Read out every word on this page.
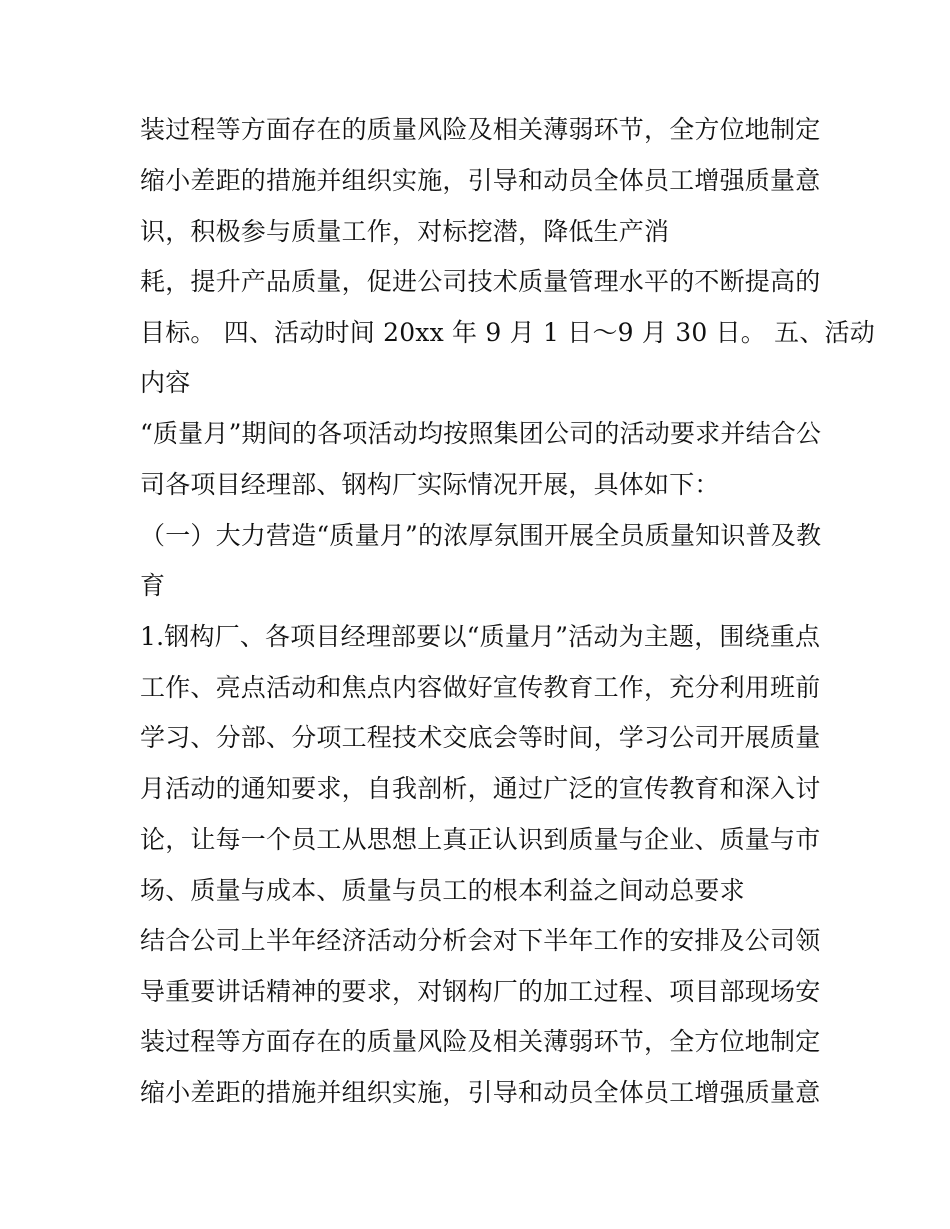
装过程等方面存在的质量风险及相关薄弱环节，全方位地制定

缩小差距的措施并组织实施，引导和动员全体员工增强质量意

识，积极参与质量工作，对标挖潜，降低生产消

耗，提升产品质量，促进公司技术质量管理水平的不断提高的

目标。 四、活动时间 20xx 年 9 月 1 日～9 月 30 日。 五、活动

内容

“质量月”期间的各项活动均按照集团公司的活动要求并结合公

司各项目经理部、钢构厂实际情况开展，具体如下：

（一）大力营造“质量月”的浓厚氛围开展全员质量知识普及教

育

1.钢构厂、各项目经理部要以“质量月”活动为主题，围绕重点

工作、亮点活动和焦点内容做好宣传教育工作，充分利用班前

学习、分部、分项工程技术交底会等时间，学习公司开展质量

月活动的通知要求，自我剖析，通过广泛的宣传教育和深入讨

论，让每一个员工从思想上真正认识到质量与企业、质量与市

场、质量与成本、质量与员工的根本利益之间动总要求

结合公司上半年经济活动分析会对下半年工作的安排及公司领

导重要讲话精神的要求，对钢构厂的加工过程、项目部现场安

装过程等方面存在的质量风险及相关薄弱环节，全方位地制定

缩小差距的措施并组织实施，引导和动员全体员工增强质量意
